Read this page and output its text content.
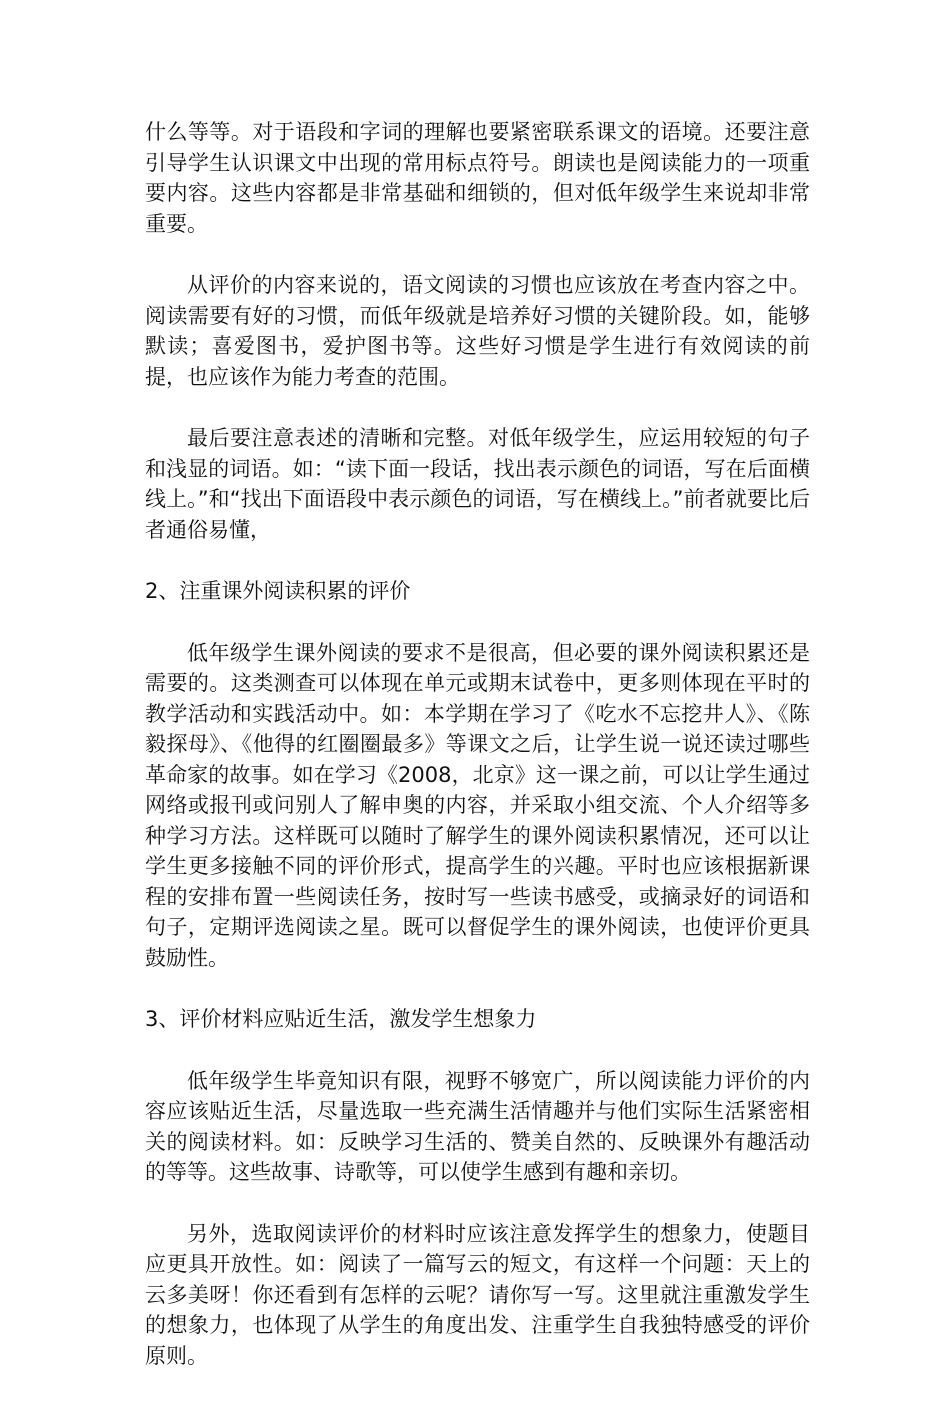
什么等等。对于语段和字词的理解也要紧密联系课文的语境。还要注意引导学生认识课文中出现的常用标点符号。朗读也是阅读能力的一项重要内容。这些内容都是非常基础和细锁的，但对低年级学生来说却非常重要。

从评价的内容来说的，语文阅读的习惯也应该放在考查内容之中。阅读需要有好的习惯，而低年级就是培养好习惯的关键阶段。如，能够默读；喜爱图书，爱护图书等。这些好习惯是学生进行有效阅读的前提，也应该作为能力考查的范围。

最后要注意表述的清晰和完整。对低年级学生，应运用较短的句子和浅显的词语。如：“读下面一段话，找出表示颜色的词语，写在后面横线上。”和“找出下面语段中表示颜色的词语，写在横线上。”前者就要比后者通俗易懂，

2、注重课外阅读积累的评价

低年级学生课外阅读的要求不是很高，但必要的课外阅读积累还是需要的。这类测查可以体现在单元或期末试卷中，更多则体现在平时的教学活动和实践活动中。如：本学期在学习了《吃水不忘挖井人》、《陈毅探母》、《他得的红圈圈最多》等课文之后，让学生说一说还读过哪些革命家的故事。如在学习《2008，北京》这一课之前，可以让学生通过网络或报刊或问别人了解申奥的内容，并采取小组交流、个人介绍等多种学习方法。这样既可以随时了解学生的课外阅读积累情况，还可以让学生更多接触不同的评价形式，提高学生的兴趣。平时也应该根据新课程的安排布置一些阅读任务，按时写一些读书感受，或摘录好的词语和句子，定期评选阅读之星。既可以督促学生的课外阅读，也使评价更具鼓励性。

3、评价材料应贴近生活，激发学生想象力

低年级学生毕竟知识有限，视野不够宽广，所以阅读能力评价的内容应该贴近生活，尽量选取一些充满生活情趣并与他们实际生活紧密相关的阅读材料。如：反映学习生活的、赞美自然的、反映课外有趣活动的等等。这些故事、诗歌等，可以使学生感到有趣和亲切。

另外，选取阅读评价的材料时应该注意发挥学生的想象力，使题目应更具开放性。如：阅读了一篇写云的短文，有这样一个问题：天上的云多美呀！你还看到有怎样的云呢？请你写一写。这里就注重激发学生的想象力，也体现了从学生的角度出发、注重学生自我独特感受的评价原则。
